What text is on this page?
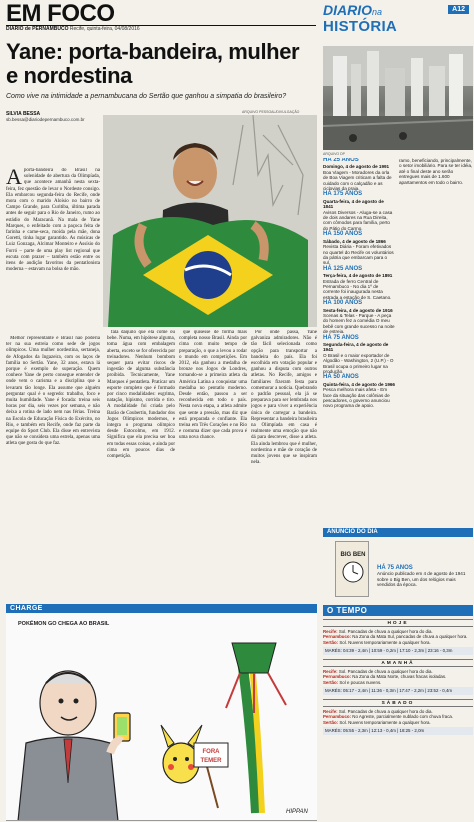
EM FOCO
DIARIO de PERNAMBUCO Recife, quinta-feira, 04/08/2016
Yane: porta-bandeira, mulher e nordestina
Como vive na intimidade a pernambucana do Sertão que ganhou a simpatia do brasileiro?
SILVIA BESSA
sb.bessa@diariodepernambuco.com.br
ARQUIVO PESSOAL/DIVULGAÇÃO
A porta-bandeira do Brasil na solenidade de abertura da Olimpíada, que acontece amanhã nesta sexta-feira, fez questão de levar o Nordeste consigo. Ela embarcou segunda-feira do Recife, onde mora com o marido Aloísio no bairro de Campo Grande, para Curitiba, última parada antes de seguir para o Rio de Janeiro, rumo ao estádio do Maracanã. Na mala de Yane Marques, o enfeitado com a paçoca feita de farinha e carne-seca, moída pela mãe, dona Goretti, tinha lugar garantido. As músicas de Luiz Gonzaga, Alcimar Monteiro e Assísio do Forró – parte de uma play list regional que escuta com prazer – também estão entre os itens de audição favoritos da pentatlonista moderna – estavam na bolsa de mão.

Melhor representante é Brasil não poderia ter na sua estreia como sede de jogos olímpicos. Uma mulher nordestina, sertaneja, de Afogados da Ingazeira, com os laços de família no Sertão. Yane, 32 anos, estava lá porque é exemplo de superação. Quem conhece Yane de perto consegue entender de onde vem o carisma e a disciplina que a levaram tão longe. Ela assume que alguém perguntar qual é o segredo: trabalho, foco e muita humildade. Yane é focada: treina seis horas por dia, seis vezes por semana, e não deixa a rotina de lado nem nas férias. Treina na Escola de Educação Física do Exército, no Rio, e também em Recife, onde faz parte da equipe do Sport Club. Ela disse em entrevista que não se considera uma estrela, apenas uma atleta que gosta do que faz.

fala daquilo que ela come ou bebe. Numa, em hipótese alguma, toma água com embalagem aberta, exceto se for oferecida por treinadores. Nenhum bombom sequer para evitar riscos de ingestão de alguma substância proibida. Tecnicamente, Yane Marques é pentatleta. Praticar um esporte completo que é formado por cinco modalidades: esgrima, natação, hipismo, corrida e tiro. A modalidade foi criada pelo Barão de Coubertin, fundador dos Jogos Olímpicos modernos, e integra o programa olímpico desde Estocolmo, em 1912. Significa que ela precisa ser boa em todas essas coisas, e ainda por cima em poucos dias de competição.

que quisesse de forma mais completa nosso Brasil. Ainda por cima com muito tempo de preparação, o que a levou a rodar o mundo em competições. Em 2012, ela ganhou a medalha de bronze nos Jogos de Londres, tornando-se a primeira atleta da América Latina a conquistar uma medalha no pentatlo moderno. Desde então, passou a ser reconhecida em todo o país. Nesta nova etapa, a atleta admite que sente a pressão, mas diz que está preparada e confiante. Ela treina em Três Corações e no Rio e costuma dizer que cada prova é uma nova chance.

Por onde passa, Yane galvaniza admiradores. Não é tão fácil selecionada como opção para transportar a bandeira do país. Ela foi escolhida em votação popular e ganhou a disputa com outros atletas. No Recife, amigos e familiares fizeram festa para comemorar a notícia. Quebrando o padrão pessoal, ela já se preparava para ser lembrada nos jogos e para viver a experiência única de carregar a bandeira. Representar a bandeira brasileira na Olimpíada em casa é realmente uma emoção que não dá para descrever, disse a atleta. Ela ainda lembrou que é mulher, nordestina e mãe de coração de muitos jovens que se inspiram nela.

CHARGE
POKÉMON GO CHEGA AO BRASIL
FORA
TEMER
HIPPAN
DIARIOna
HISTÓRIA
A12
ARQUIVO DP
HÁ 25 ANOS
Domingo, 4 de agosto de 1991

Boa Viagem - Moradores da orla de Boa Viagem criticam a falta de cuidado com o calçadão e as ciclovias da praia.

HÁ 175 ANOS
Quarta-feira, 4 de agosto de 1841

Avisos Diversos - Aluga-se a casa de dois andares na Rua Direita, com cômodos para família, perto do Pátio do Carmo.

HÁ 150 ANOS
Sábado, 4 de agosto de 1866

Revista Diária - Foram efetivados no quartel do Recife os voluntários da pátria que embarcam para o sul.

HÁ 125 ANOS
Terça-feira, 4 de agosto de 1891

Estrada de ferro Central de Pernambuco - No dia 1º de corrente foi inaugurada nesta estrada a estação de S. Caetano.

HÁ 100 ANOS
Sexta-feira, 4 de agosto de 1916

Scenas & Telas - Parque - A peça do homem fez a comédia O meu bebê com grande sucesso na noite de estreia.

HÁ 75 ANOS
Segunda-feira, 4 de agosto de 1941

O Brasil e o maior exportador de Algodão - Washington, 2 (U.P.) - O Brasil ocupa o primeiro lugar na produção.

HÁ 50 ANOS
Quinta-feira, 4 de agosto de 1966

Pesca melhora mais afeta - Em face da situação das colônias de pescadores, o governo anunciou novo programa de apoio.

ramo, beneficiando, principalmente, o setor imobiliário. Para se ter idéia, até o final deste ano serão entregues mais de 1.600 apartamentos em todo o bairro.

ANÚNCIO DO DIA
BIG BEN
HÁ 75 ANOS
Anúncio publicado em 4 de agosto de 1941 sobre o Big Ben, um dos relógios mais vendidos da época.
O TEMPO
HOJE
Recife: Sol. Pancadas de chuva a qualquer hora do dia.
Pernambuco: Na Zona da Mata Sul, pancadas de chuva a qualquer hora.
Sertão: Sol. Nuvens temporariamente a qualquer hora.
MARÉS: 04:39 - 2,4m | 10:59 - 0,2m | 17:10 - 2,3m | 23:16 - 0,3m
AMANHÃ
Recife: Sol. Pancadas de chuva a qualquer hora do dia.
Pernambuco: Na Zona da Mata Norte, chuvas fracas isoladas.
Sertão: Sol e poucas nuvens.
MARÉS: 05:17 - 2,4m | 11:36 - 0,3m | 17:47 - 2,2m | 23:52 - 0,4m
SÁBADO
Recife: Sol. Pancadas de chuva a qualquer hora do dia.
Pernambuco: No Agreste, parcialmente nublado com chuva fraca.
Sertão: Sol. Nuvens temporariamente a qualquer hora.
MARÉS: 05:55 - 2,3m | 12:13 - 0,4m | 18:25 - 2,0m
